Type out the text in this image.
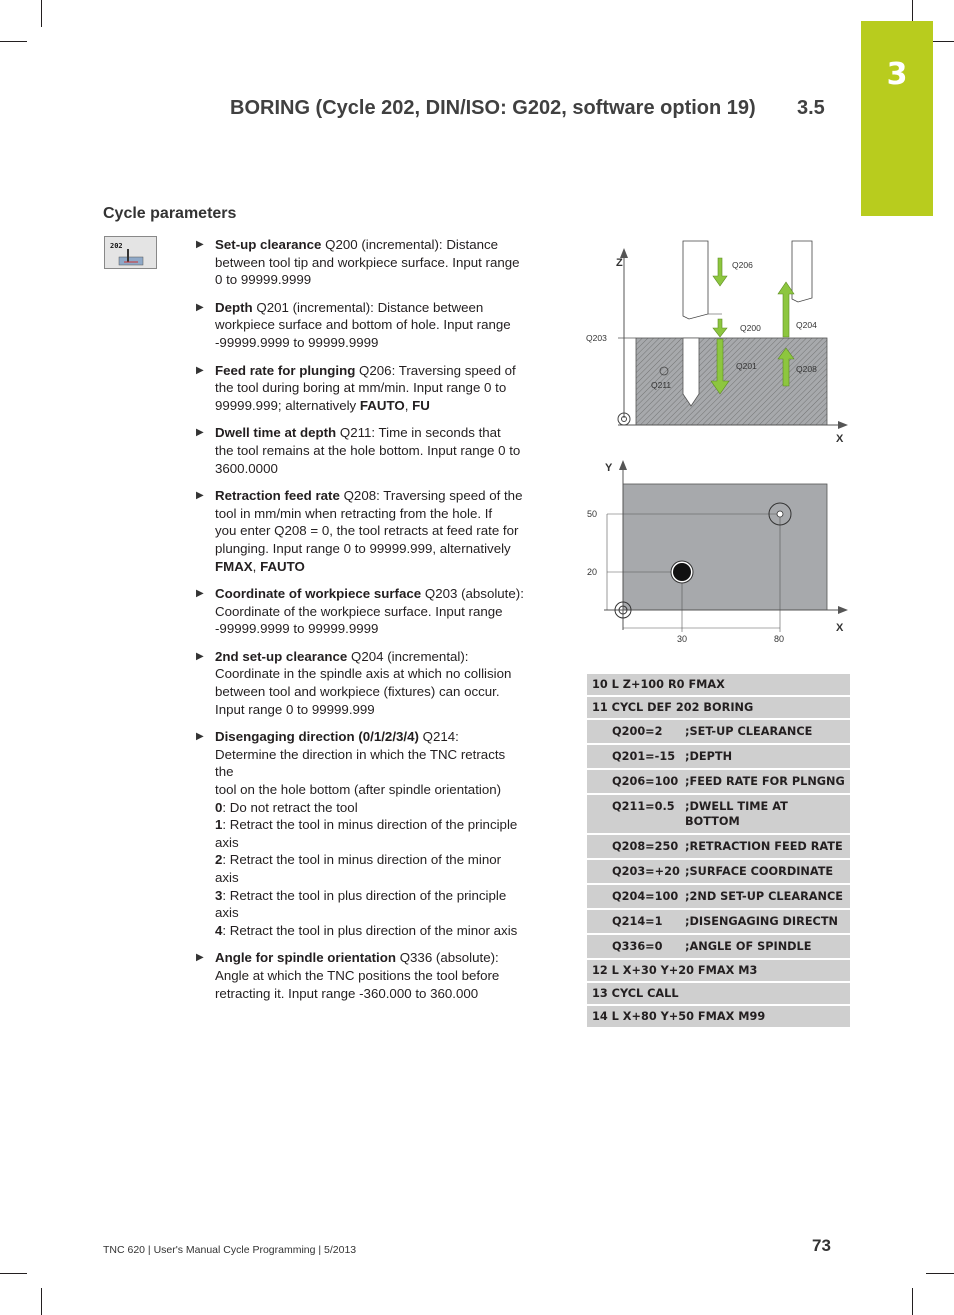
3
BORING (Cycle 202, DIN/ISO: G202, software option 19) 3.5
Cycle parameters
202	▶ Set-up clearance Q200 (incremental): Distance
between tool tip and workpiece surface. Input range
0 to 99999.9999
▶ Depth Q201 (incremental): Distance between
workpiece surface and bottom of hole. Input range
-99999.9999 to 99999.9999
▶ Feed rate for plunging Q206: Traversing speed of
the tool during boring at mm/min. Input range 0 to
99999.999; alternatively FAUTO, FU
▶ Dwell time at depth Q211: Time in seconds that
the tool remains at the hole bottom. Input range 0 to
3600.0000
▶ Retraction feed rate Q208: Traversing speed of the
tool in mm/min when retracting from the hole. If
you enter Q208 = 0, the tool retracts at feed rate for
plunging. Input range 0 to 99999.999, alternatively
FMAX, FAUTO
▶ Coordinate of workpiece surface Q203 (absolute):
Coordinate of the workpiece surface. Input range
-99999.9999 to 99999.9999
▶ 2nd set-up clearance Q204 (incremental):
Coordinate in the spindle axis at which no collision
between tool and workpiece (fixtures) can occur.
Input range 0 to 99999.999
▶ Disengaging direction (0/1/2/3/4) Q214:
Determine the direction in which the TNC retracts
the
tool on the hole bottom (after spindle orientation)
0: Do not retract the tool
1: Retract the tool in minus direction of the principle
axis
2: Retract the tool in minus direction of the minor
axis
3: Retract the tool in plus direction of the principle
axis
4: Retract the tool in plus direction of the minor axis
▶ Angle for spindle orientation Q336 (absolute):
Angle at which the TNC positions the tool before
retracting it. Input range -360.000 to 360.000
Z
X
Q203
Q206
Q200	Q204
Q201	Q208
Q211
Y
X
50
20
30	80
10 L Z+100 R0 FMAX
11 CYCL DEF 202 BORING
Q200=2	;SET-UP CLEARANCE
Q201=-15 ;DEPTH
Q206=100 ;FEED RATE FOR PLNGNG
Q211=0.5 ;DWELL TIME AT BOTTOM
Q208=250 ;RETRACTION FEED RATE
Q203=+20 ;SURFACE COORDINATE
Q204=100 ;2ND SET-UP CLEARANCE
Q214=1	;DISENGAGING DIRECTN
Q336=0	;ANGLE OF SPINDLE
12 L X+30 Y+20 FMAX M3
13 CYCL CALL
14 L X+80 Y+50 FMAX M99
TNC 620 | User's Manual Cycle Programming | 5/2013	73
